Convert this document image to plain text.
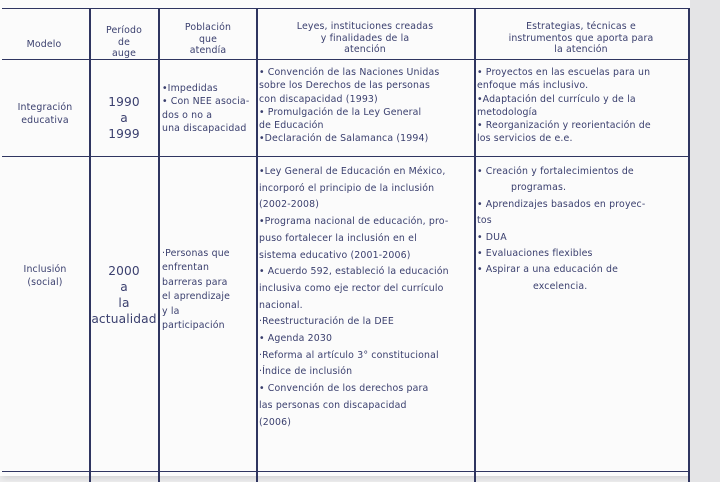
Modelo
Período
de
auge
Población
que
atendía
Leyes, instituciones creadas
y finalidades de la
atención
Estrategias, técnicas e
instrumentos que aporta para
la atención
Integración
educativa
1990
a
1999
•Impedidas
• Con NEE asocia-
dos o no a
una discapacidad
• Convención de las Naciones Unidas
sobre los Derechos de las personas
con discapacidad (1993)
• Promulgación de la Ley General
de Educación
•Declaración de Salamanca (1994)
• Proyectos en las escuelas para un
enfoque más inclusivo.
•Adaptación del currículo y de la
metodología
• Reorganización y reorientación de
los servicios de e.e.
Inclusión
(social)
2000
a
la
actualidad
·Personas que
enfrentan
barreras para
el aprendizaje
y la
participación
•Ley General de Educación en México,
incorporó el principio de la inclusión
(2002-2008)
•Programa nacional de educación, pro-
puso fortalecer la inclusión en el
sistema educativo (2001-2006)
• Acuerdo 592, estableció la educación
inclusiva como eje rector del currículo
nacional.
·Reestructuración de la DEE
• Agenda 2030
·Reforma al artículo 3° constitucional
·Índice de inclusión
• Convención de los derechos para
las personas con discapacidad
(2006)
• Creación y fortalecimientos de
programas.
• Aprendizajes basados en proyec-
tos
• DUA
• Evaluaciones flexibles
• Aspirar a una educación de
excelencia.
